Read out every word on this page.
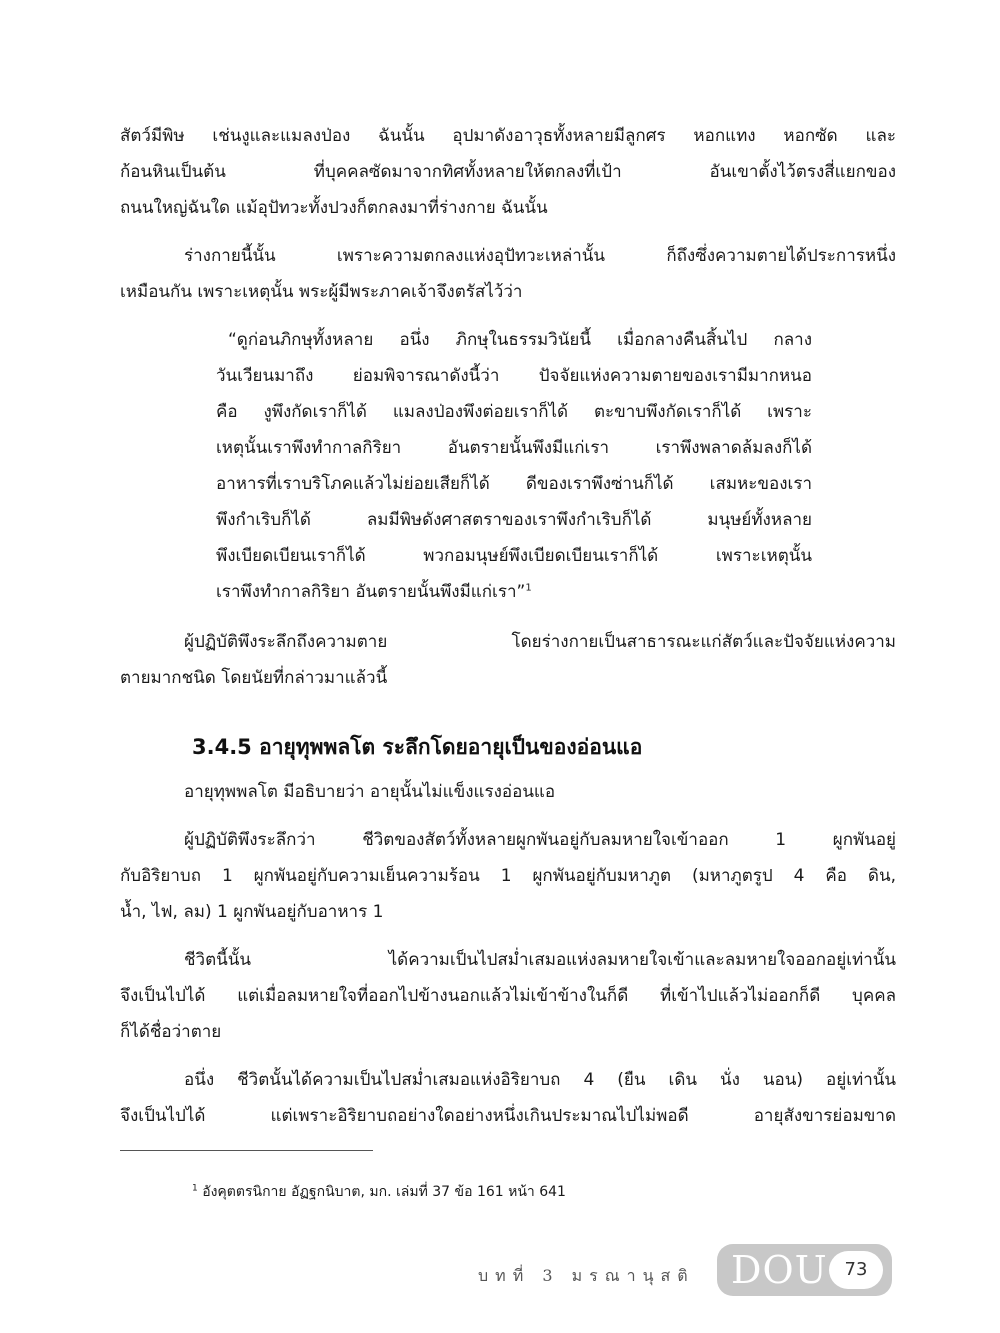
สัตว์มีพิษ เช่นงูและแมลงป่อง ฉันนั้น อุปมาดังอาวุธทั้งหลายมีลูกศร หอกแทง หอกซัด และ
ก้อนหินเป็นต้น ที่บุคคลซัดมาจากทิศทั้งหลายให้ตกลงที่เป้า อันเขาตั้งไว้ตรงสี่แยกของ
ถนนใหญ่ฉันใด แม้อุปัทวะทั้งปวงก็ตกลงมาที่ร่างกาย ฉันนั้น
ร่างกายนี้นั้น เพราะความตกลงแห่งอุปัทวะเหล่านั้น ก็ถึงซึ่งความตายได้ประการหนึ่ง
เหมือนกัน เพราะเหตุนั้น พระผู้มีพระภาคเจ้าจึงตรัสไว้ว่า
“ดูก่อนภิกษุทั้งหลาย อนึ่ง ภิกษุในธรรมวินัยนี้ เมื่อกลางคืนสิ้นไป กลาง
วันเวียนมาถึง ย่อมพิจารณาดังนี้ว่า ปัจจัยแห่งความตายของเรามีมากหนอ
คือ งูพึงกัดเราก็ได้ แมลงป่องพึงต่อยเราก็ได้ ตะขาบพึงกัดเราก็ได้ เพราะ
เหตุนั้นเราพึงทำกาลกิริยา อันตรายนั้นพึงมีแก่เรา เราพึงพลาดล้มลงก็ได้
อาหารที่เราบริโภคแล้วไม่ย่อยเสียก็ได้ ดีของเราพึงซ่านก็ได้ เสมหะของเรา
พึงกำเริบก็ได้ ลมมีพิษดังศาสตราของเราพึงกำเริบก็ได้ มนุษย์ทั้งหลาย
พึงเบียดเบียนเราก็ได้ พวกอมนุษย์พึงเบียดเบียนเราก็ได้ เพราะเหตุนั้น
เราพึงทำกาลกิริยา อันตรายนั้นพึงมีแก่เรา”$^1$
ผู้ปฏิบัติพึงระลึกถึงความตาย โดยร่างกายเป็นสาธารณะแก่สัตว์และปัจจัยแห่งความ
ตายมากชนิด โดยนัยที่กล่าวมาแล้วนี้
3.4.5 อายุทุพพลโต ระลึกโดยอายุเป็นของอ่อนแอ
อายุทุพพลโต มีอธิบายว่า อายุนั้นไม่แข็งแรงอ่อนแอ
ผู้ปฏิบัติพึงระลึกว่า ชีวิตของสัตว์ทั้งหลายผูกพันอยู่กับลมหายใจเข้าออก 1 ผูกพันอยู่
กับอิริยาบถ 1 ผูกพันอยู่กับความเย็นความร้อน 1 ผูกพันอยู่กับมหาภูต (มหาภูตรูป 4 คือ ดิน,
น้ำ, ไฟ, ลม) 1 ผูกพันอยู่กับอาหาร 1
ชีวิตนี้นั้น ได้ความเป็นไปสม่ำเสมอแห่งลมหายใจเข้าและลมหายใจออกอยู่เท่านั้น
จึงเป็นไปได้ แต่เมื่อลมหายใจที่ออกไปข้างนอกแล้วไม่เข้าข้างในก็ดี ที่เข้าไปแล้วไม่ออกก็ดี บุคคล
ก็ได้ชื่อว่าตาย
อนึ่ง ชีวิตนั้นได้ความเป็นไปสม่ำเสมอแห่งอิริยาบถ 4 (ยืน เดิน นั่ง นอน) อยู่เท่านั้น
จึงเป็นไปได้ แต่เพราะอิริยาบถอย่างใดอย่างหนึ่งเกินประมาณไปไม่พอดี อายุสังขารย่อมขาด
$^1$ อังคุตตรนิกาย อัฏฐกนิบาต, มก. เล่มที่ 37 ข้อ 161 หน้า 641
บทที่ 3 มรณานุสติ DOU 73
